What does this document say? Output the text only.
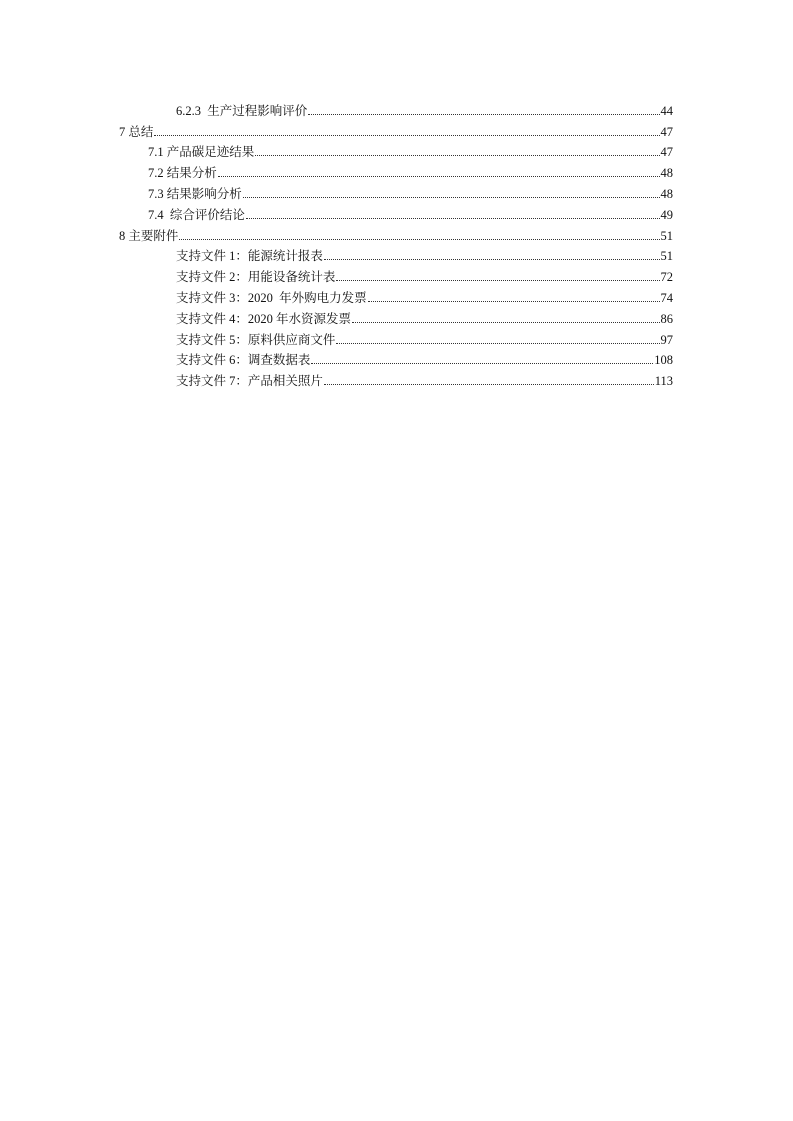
6.2.3  生产过程影响评价	44
7 总结	47
7.1 产品碳足迹结果	47
7.2 结果分析	48
7.3 结果影响分析	48
7.4  综合评价结论	49
8 主要附件	51
支持文件 1：能源统计报表	51
支持文件 2：用能设备统计表	72
支持文件 3：2020  年外购电力发票	74
支持文件 4：2020 年水资源发票	86
支持文件 5：原料供应商文件	97
支持文件 6：调查数据表	108
支持文件 7：产品相关照片	113
